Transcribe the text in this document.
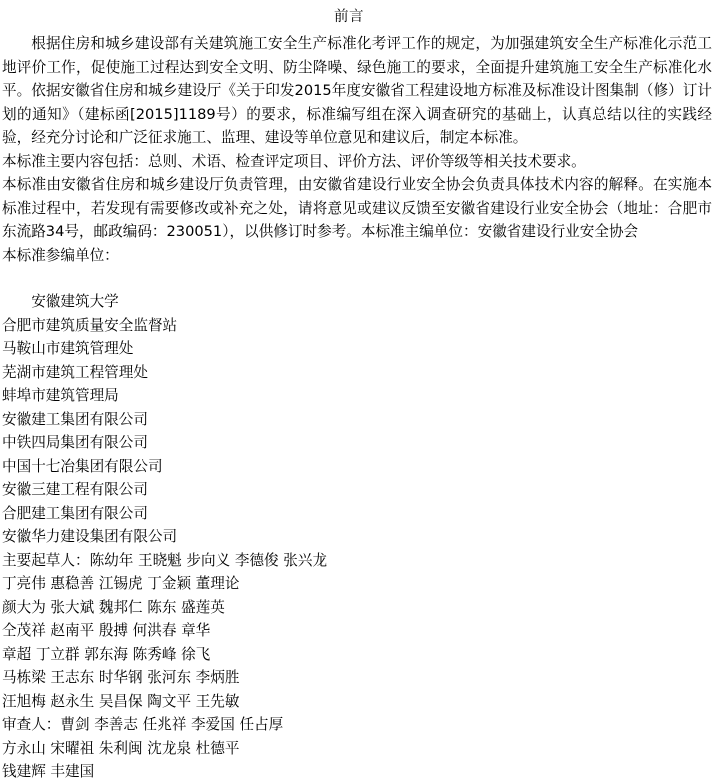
前言

根据住房和城乡建设部有关建筑施工安全生产标准化考评工作的规定，为加强建筑安全生产标准化示范工地评价工作，促使施工过程达到安全文明、防尘降噪、绿色施工的要求，全面提升建筑施工安全生产标准化水平。依据安徽省住房和城乡建设厅《关于印发2015年度安徽省工程建设地方标准及标准设计图集制（修）订计划的通知》（建标函[2015]1189号）的要求，标准编写组在深入调查研究的基础上，认真总结以往的实践经验，经充分讨论和广泛征求施工、监理、建设等单位意见和建议后，制定本标准。

本标准主要内容包括：总则、术语、检查评定项目、评价方法、评价等级等相关技术要求。

本标准由安徽省住房和城乡建设厅负责管理，由安徽省建设行业安全协会负责具体技术内容的解释。在实施本标准过程中，若发现有需要修改或补充之处，请将意见或建议反馈至安徽省建设行业安全协会（地址：合肥市东流路34号，邮政编码：230051），以供修订时参考。本标准主编单位：安徽省建设行业安全协会

本标准参编单位：

安徽建筑大学
合肥市建筑质量安全监督站
马鞍山市建筑管理处
芜湖市建筑工程管理处
蚌埠市建筑管理局
安徽建工集团有限公司
中铁四局集团有限公司
中国十七冶集团有限公司
安徽三建工程有限公司
合肥建工集团有限公司
安徽华力建设集团有限公司
主要起草人：陈幼年 王晓魁 步向义 李德俊 张兴龙
丁亮伟 惠稳善 江锡虎 丁金颖 董理论
颜大为 张大斌 魏邦仁 陈东 盛莲英
仝茂祥 赵南平 殷搏 何洪春 章华
章超 丁立群 郭东海 陈秀峰 徐飞
马栋梁 王志东 时华钢 张河东 李炳胜
汪旭梅 赵永生 吴昌保 陶文平 王先敏
审查人：曹剑 李善志 任兆祥 李爱国 任占厚
方永山 宋曜祖 朱利闽 沈龙泉 杜德平
钱建辉 丰建国
